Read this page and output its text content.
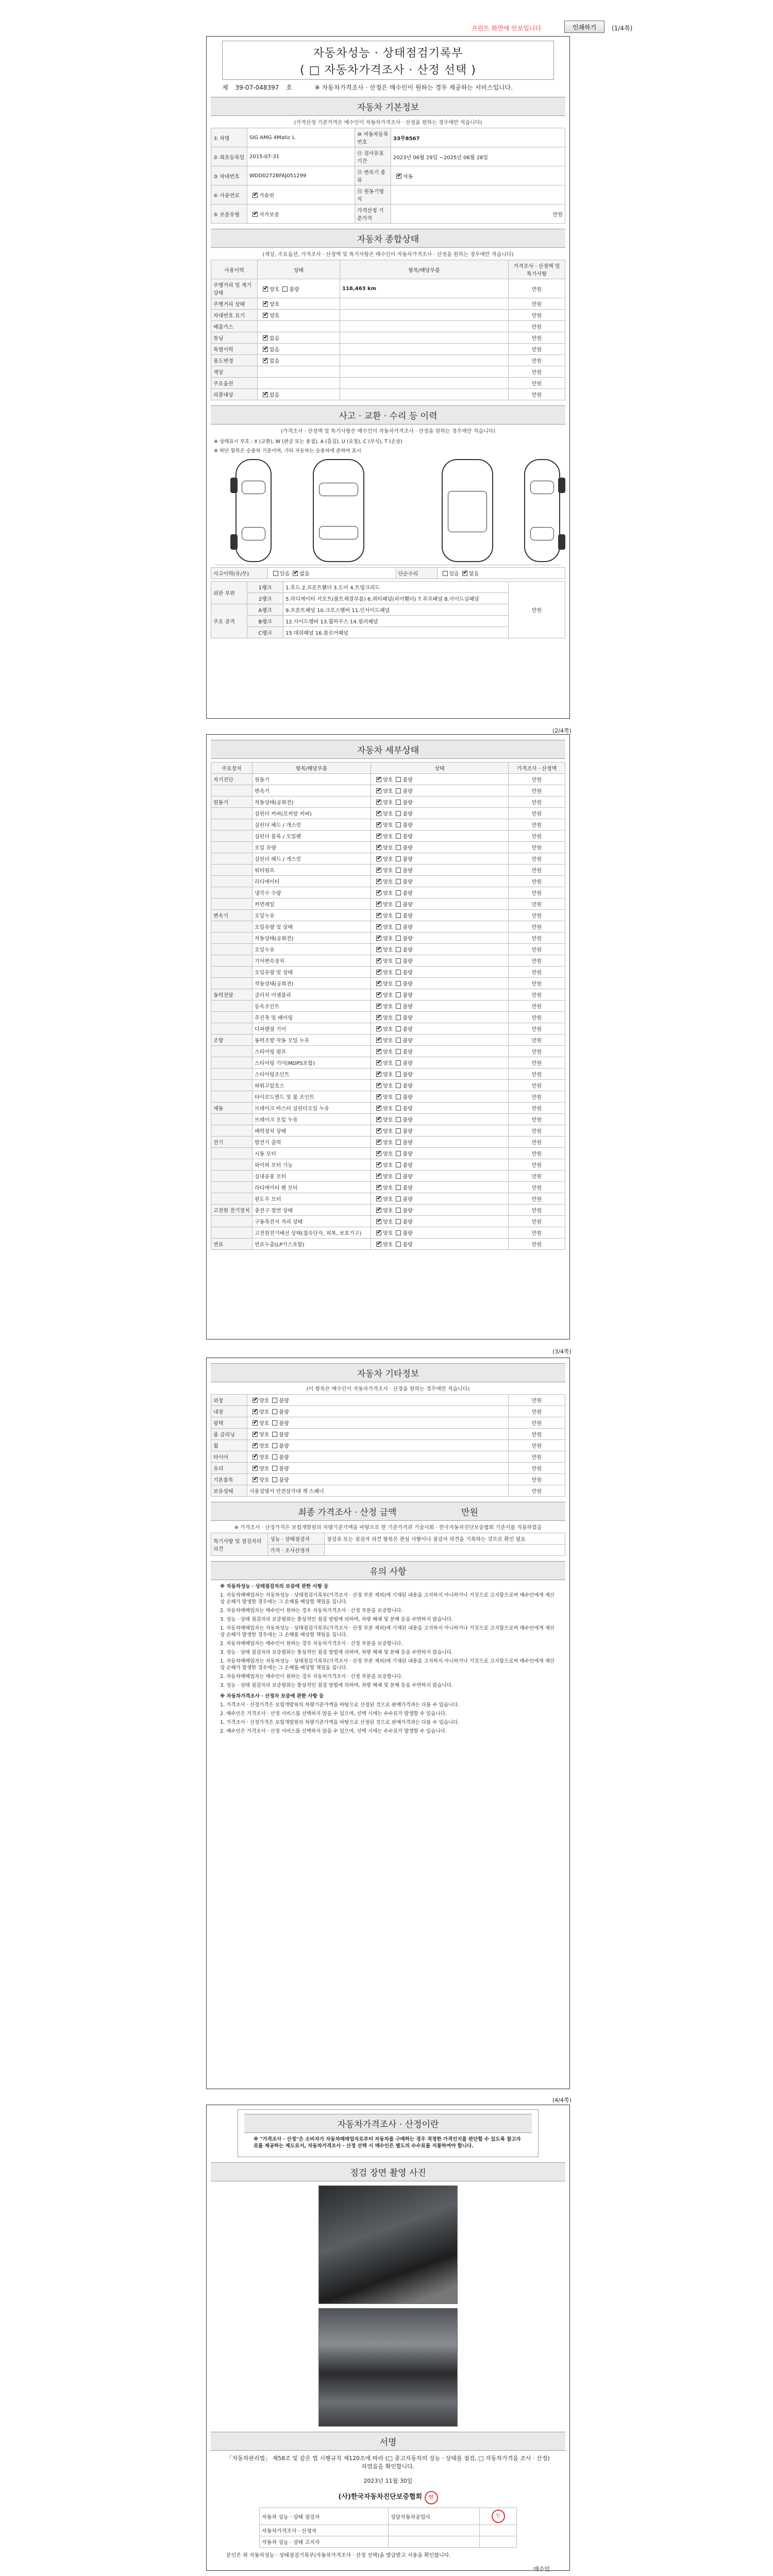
프린트 화면에 안보입니다	인쇄하기	(1/4쪽)
자동차성능 · 상태점검기록부
( □ 자동차가격조사 · 산정 선택 )
제 39-07-048397 호	※ 자동차가격조사 · 산정은 매수인이 원하는 경우 제공하는 서비스입니다.
자동차 기본정보
(가격산정 기준가격은 매수인이 자동차가격조사 · 산정을 원하는 경우에만 적습니다)
① 차명	SIG AMG 4Matic L	⑩ 자동차등록번호	33무8567
② 최초등록일	2015-07-31	⑪ 검사유효기간	2023년 06월 29일 ~2025년 06월 28일
③ 차대번호	WDD0272BFAJ051299	⑫ 변속기 종류	✔자동
④ 사용연료	✔가솔린	⑬ 원동기형식	
⑤ 보증유형	✔자가보증	가격산정 기준가격	만원
자동차 종합상태
(색상, 주요옵션, 가격조사 · 산정액 및 특기사항은 매수인이 자동차가격조사 · 산정을 원하는 경우에만 적습니다)
사용이력	상태	항목/해당부품	가격조사 · 산정액 및 특기사항
주행거리 및 계기상태	✔양호 불량	116,463 km	만원
주행거리 상태	✔양호		만원
차대번호 표기	✔양호		만원
배출가스			만원
튜닝	✔없음		만원
특별이력	✔없음		만원
용도변경	✔없음		만원
색상			만원
주요옵션			만원
리콜대상	✔없음		만원
사고 · 교환 · 수리 등 이력
(가격조사 · 산정액 및 특기사항은 매수인이 자동차가격조사 · 산정을 원하는 경우에만 적습니다)
※ 상태표시 부호 : X (교환), W (판금 또는 용접), A (흠집), U (요철), C (부식), T (손상)
※ 하단 항목은 승용차 기준이며, 기타 자동차는 승용차에 준하여 표시
사고이력(유/무)	있음 ✔ 없음	단순수리	있음 ✔ 없음
외판 부위	1랭크	1.후드 2.프론트휀더 3.도어 4.트렁크리드	만원
	2랭크	5.라디에이터 서포트(볼트체결부품) 6.쿼터패널(리어휀더) 7.루프패널 8.사이드실패널	
주요 골격	A랭크	9.프론트패널 10.크로스멤버 11.인사이드패널	
	B랭크	12.사이드멤버 13.휠하우스 14.필러패널	
	C랭크	15.대쉬패널 16.플로어패널	
(2/4쪽)
자동차 세부상태
주요장치	항목/해당부품	상태	가격조사 · 산정액
자기진단	원동기	✔양호 불량	만원
	변속기	✔양호 불량	만원
원동기	작동상태(공회전)	✔양호 불량	만원
	실린더 커버(로커암 커버)	✔양호 불량	만원
	실린더 헤드 / 개스킷	✔양호 불량	만원
	실린더 블록 / 오일팬	✔양호 불량	만원
	오일 유량	✔양호 불량	만원
	실린더 헤드 / 개스킷	✔양호 불량	만원
	워터펌프	✔양호 불량	만원
	라디에이터	✔양호 불량	만원
	냉각수 수량	✔양호 불량	만원
	커먼레일	✔양호 불량	만원
변속기	오일누유	✔양호 불량	만원
	오일유량 및 상태	✔양호 불량	만원
	작동상태(공회전)	✔양호 불량	만원
	오일누유	✔양호 불량	만원
	기어변속장치	✔양호 불량	만원
	오일유량 및 상태	✔양호 불량	만원
	작동상태(공회전)	✔양호 불량	만원
동력전달	클러치 어셈블리	✔양호 불량	만원
	등속조인트	✔양호 불량	만원
	추진축 및 베어링	✔양호 불량	만원
	디퍼렌셜 기어	✔양호 불량	만원
조향	동력조향 작동 오일 누유	✔양호 불량	만원
	스티어링 펌프	✔양호 불량	만원
	스티어링 기어(MDPS포함)	✔양호 불량	만원
	스티어링조인트	✔양호 불량	만원
	파워고압호스	✔양호 불량	만원
	타이로드엔드 및 볼 조인트	✔양호 불량	만원
제동	브레이크 마스터 실린더오일 누유	✔양호 불량	만원
	브레이크 오일 누유	✔양호 불량	만원
	배력장치 상태	✔양호 불량	만원
전기	발전기 출력	✔양호 불량	만원
	시동 모터	✔양호 불량	만원
	와이퍼 모터 기능	✔양호 불량	만원
	실내송풍 모터	✔양호 불량	만원
	라디에이터 팬 모터	✔양호 불량	만원
	윈도우 모터	✔양호 불량	만원
고전원 전기장치	충전구 절연 상태	✔양호 불량	만원
	구동축전지 격리 상태	✔양호 불량	만원
	고전원전기배선 상태(접속단자, 피복, 보호기구)	✔양호 불량	만원
연료	연료누출(LP가스포함)	✔양호 불량	만원
(3/4쪽)
자동차 기타정보
(이 항목은 매수인이 자동차가격조사 · 산정을 원하는 경우에만 적습니다)
외장	✔양호 불량	만원
내장	✔양호 불량	만원
광택	✔양호 불량	만원
룸 클리닝	✔양호 불량	만원
휠	✔양호 불량	만원
타이어	✔양호 불량	만원
유리	✔양호 불량	만원
기본품목	✔양호 불량	만원
보유상태	사용설명서 안전삼각대 잭 스패너	만원
최종 가격조사 · 산정 금액	만원
※ 가격조사 · 산정가격은 보험개발원의 차량기준가액을 바탕으로 한 기준가격과 기술사회 · 한국자동차진단보증협회 기준서를 적용하였음
특기사항 및 점검자의 의견	성능 · 상태점검자	점검유 또는 점검자 의견 항목은 관심 사항이나 점검자 의견을 기록하는 것으로 확인 필요
	가격 · 조사산정자	
유의 사항

※ 자동차성능 · 상태점검자의 보증에 관한 사항 등

1. 자동차매매업자는 자동차성능 · 상태점검기록부(가격조사 · 산정 부분 제외)에 기재된 내용을 고지하지 아니하거나 거짓으로 고지함으로써 매수인에게 재산상 손해가 발생한 경우에는 그 손해를 배상할 책임을 집니다.

2. 자동차매매업자는 매수인이 원하는 경우 자동차가격조사 · 산정 부분을 보증합니다.

3. 성능 · 상태 점검자의 보증범위는 통상적인 점검 방법에 의하며, 차량 해체 및 분해 등을 수반하지 않습니다.

1. 자동차매매업자는 자동차성능 · 상태점검기록부(가격조사 · 산정 부분 제외)에 기재된 내용을 고지하지 아니하거나 거짓으로 고지함으로써 매수인에게 재산상 손해가 발생한 경우에는 그 손해를 배상할 책임을 집니다.

2. 자동차매매업자는 매수인이 원하는 경우 자동차가격조사 · 산정 부분을 보증합니다.

3. 성능 · 상태 점검자의 보증범위는 통상적인 점검 방법에 의하며, 차량 해체 및 분해 등을 수반하지 않습니다.

1. 자동차매매업자는 자동차성능 · 상태점검기록부(가격조사 · 산정 부분 제외)에 기재된 내용을 고지하지 아니하거나 거짓으로 고지함으로써 매수인에게 재산상 손해가 발생한 경우에는 그 손해를 배상할 책임을 집니다.

2. 자동차매매업자는 매수인이 원하는 경우 자동차가격조사 · 산정 부분을 보증합니다.

3. 성능 · 상태 점검자의 보증범위는 통상적인 점검 방법에 의하며, 차량 해체 및 분해 등을 수반하지 않습니다.

※ 자동차가격조사 · 산정자 보증에 관한 사항 등

1. 가격조사 · 산정가격은 보험개발원의 차량기준가액을 바탕으로 산정된 것으로 판매가격과는 다를 수 있습니다.

2. 매수인은 가격조사 · 산정 서비스를 선택하지 않을 수 있으며, 선택 시에는 수수료가 발생할 수 있습니다.

1. 가격조사 · 산정가격은 보험개발원의 차량기준가액을 바탕으로 산정된 것으로 판매가격과는 다를 수 있습니다.

2. 매수인은 가격조사 · 산정 서비스를 선택하지 않을 수 있으며, 선택 시에는 수수료가 발생할 수 있습니다.

(4/4쪽)
자동차가격조사 · 산정이란
※ "가격조사 · 산정"은 소비자가 자동차매매업자로부터 자동차를 구매하는 경우 적정한 가격인지를 판단할 수 있도록 참고자료를 제공하는 제도로서, 자동차가격조사 · 산정 선택 시 매수인은 별도의 수수료를 지불하여야 합니다.
점검 장면 촬영 사진
서명
「자동차관리법」 제58조 및 같은 법 시행규칙 제120조에 따라 (□ 중고자동차의 성능 · 상태를 점검, □ 자동차가격을 조사 · 산정)하였음을 확인합니다.
2023년 11월 30일
(사)한국자동차진단보증협회 인
자동차 성능 · 상태 점검자	성담자동차공업사	인
자동차가격조사 · 산정자		
자동차 성능 · 상태 고지자		
본인은 위 자동차성능 · 상태점검기록부(자동차가격조사 · 산정 선택)을 발급받고 사용을 확인합니다.
매수인
